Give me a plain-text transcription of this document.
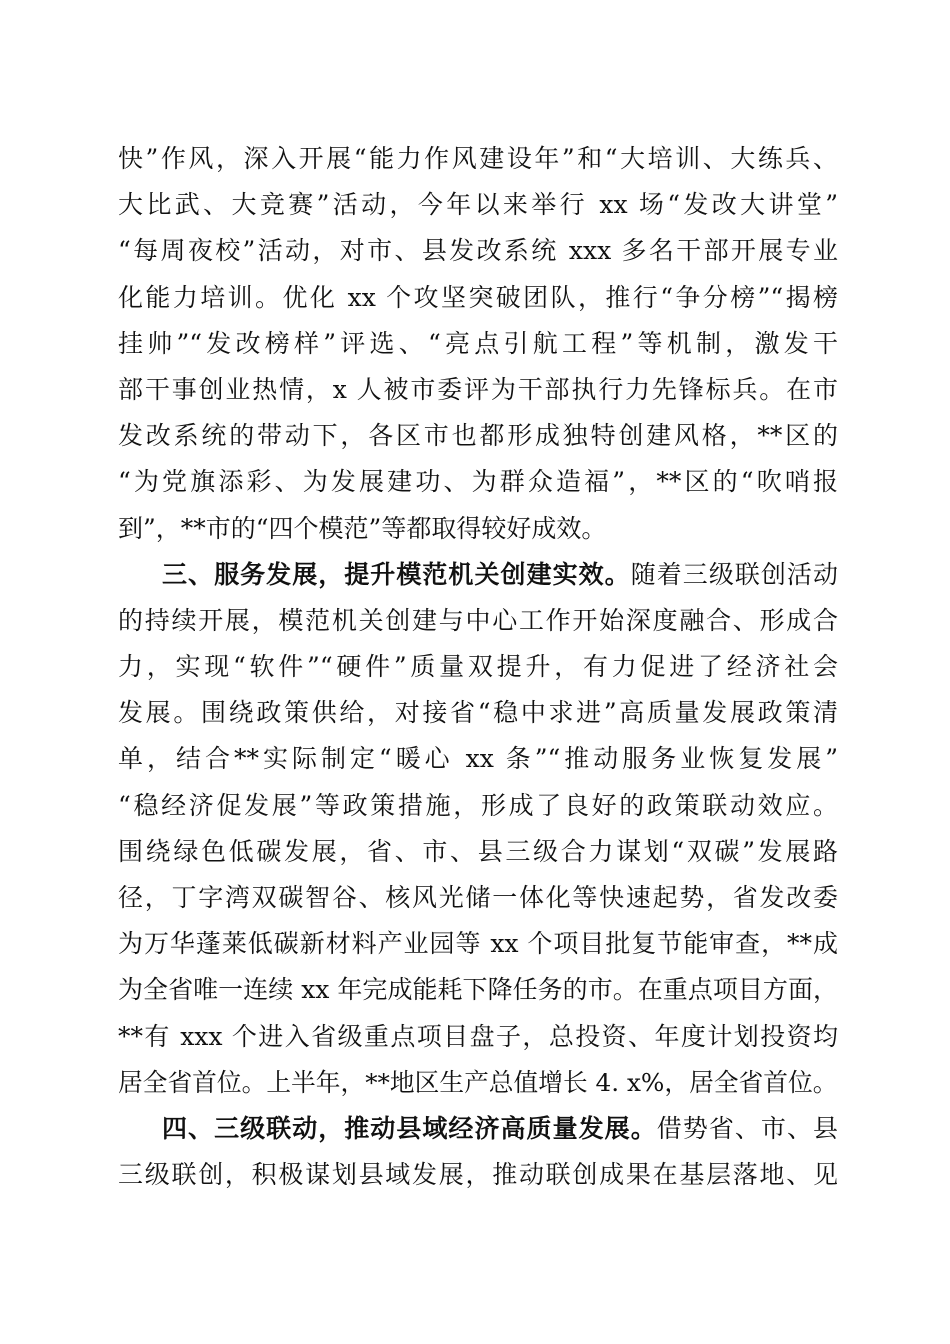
快”作风，深入开展“能力作风建设年”和“大培训、大练兵、
大比武、大竞赛”活动，今年以来举行 xx 场“发改大讲堂”
“每周夜校”活动，对市、县发改系统 xxx 多名干部开展专业
化能力培训。优化 xx 个攻坚突破团队，推行“争分榜”“揭榜
挂帅”“发改榜样”评选、“亮点引航工程”等机制，激发干
部干事创业热情，x 人被市委评为干部执行力先锋标兵。在市
发改系统的带动下，各区市也都形成独特创建风格，**区的
“为党旗添彩、为发展建功、为群众造福”，**区的“吹哨报
到”，**市的“四个模范”等都取得较好成效。
三、服务发展，提升模范机关创建实效。随着三级联创活动
的持续开展，模范机关创建与中心工作开始深度融合、形成合
力，实现“软件”“硬件”质量双提升，有力促进了经济社会
发展。围绕政策供给，对接省“稳中求进”高质量发展政策清
单，结合**实际制定“暖心 xx 条”“推动服务业恢复发展”
“稳经济促发展”等政策措施，形成了良好的政策联动效应。
围绕绿色低碳发展，省、市、县三级合力谋划“双碳”发展路
径，丁字湾双碳智谷、核风光储一体化等快速起势，省发改委
为万华蓬莱低碳新材料产业园等 xx 个项目批复节能审查，**成
为全省唯一连续 xx 年完成能耗下降任务的市。在重点项目方面，
**有 xxx 个进入省级重点项目盘子，总投资、年度计划投资均
居全省首位。上半年，**地区生产总值增长 4. x%，居全省首位。
四、三级联动，推动县域经济高质量发展。借势省、市、县
三级联创，积极谋划县域发展，推动联创成果在基层落地、见
